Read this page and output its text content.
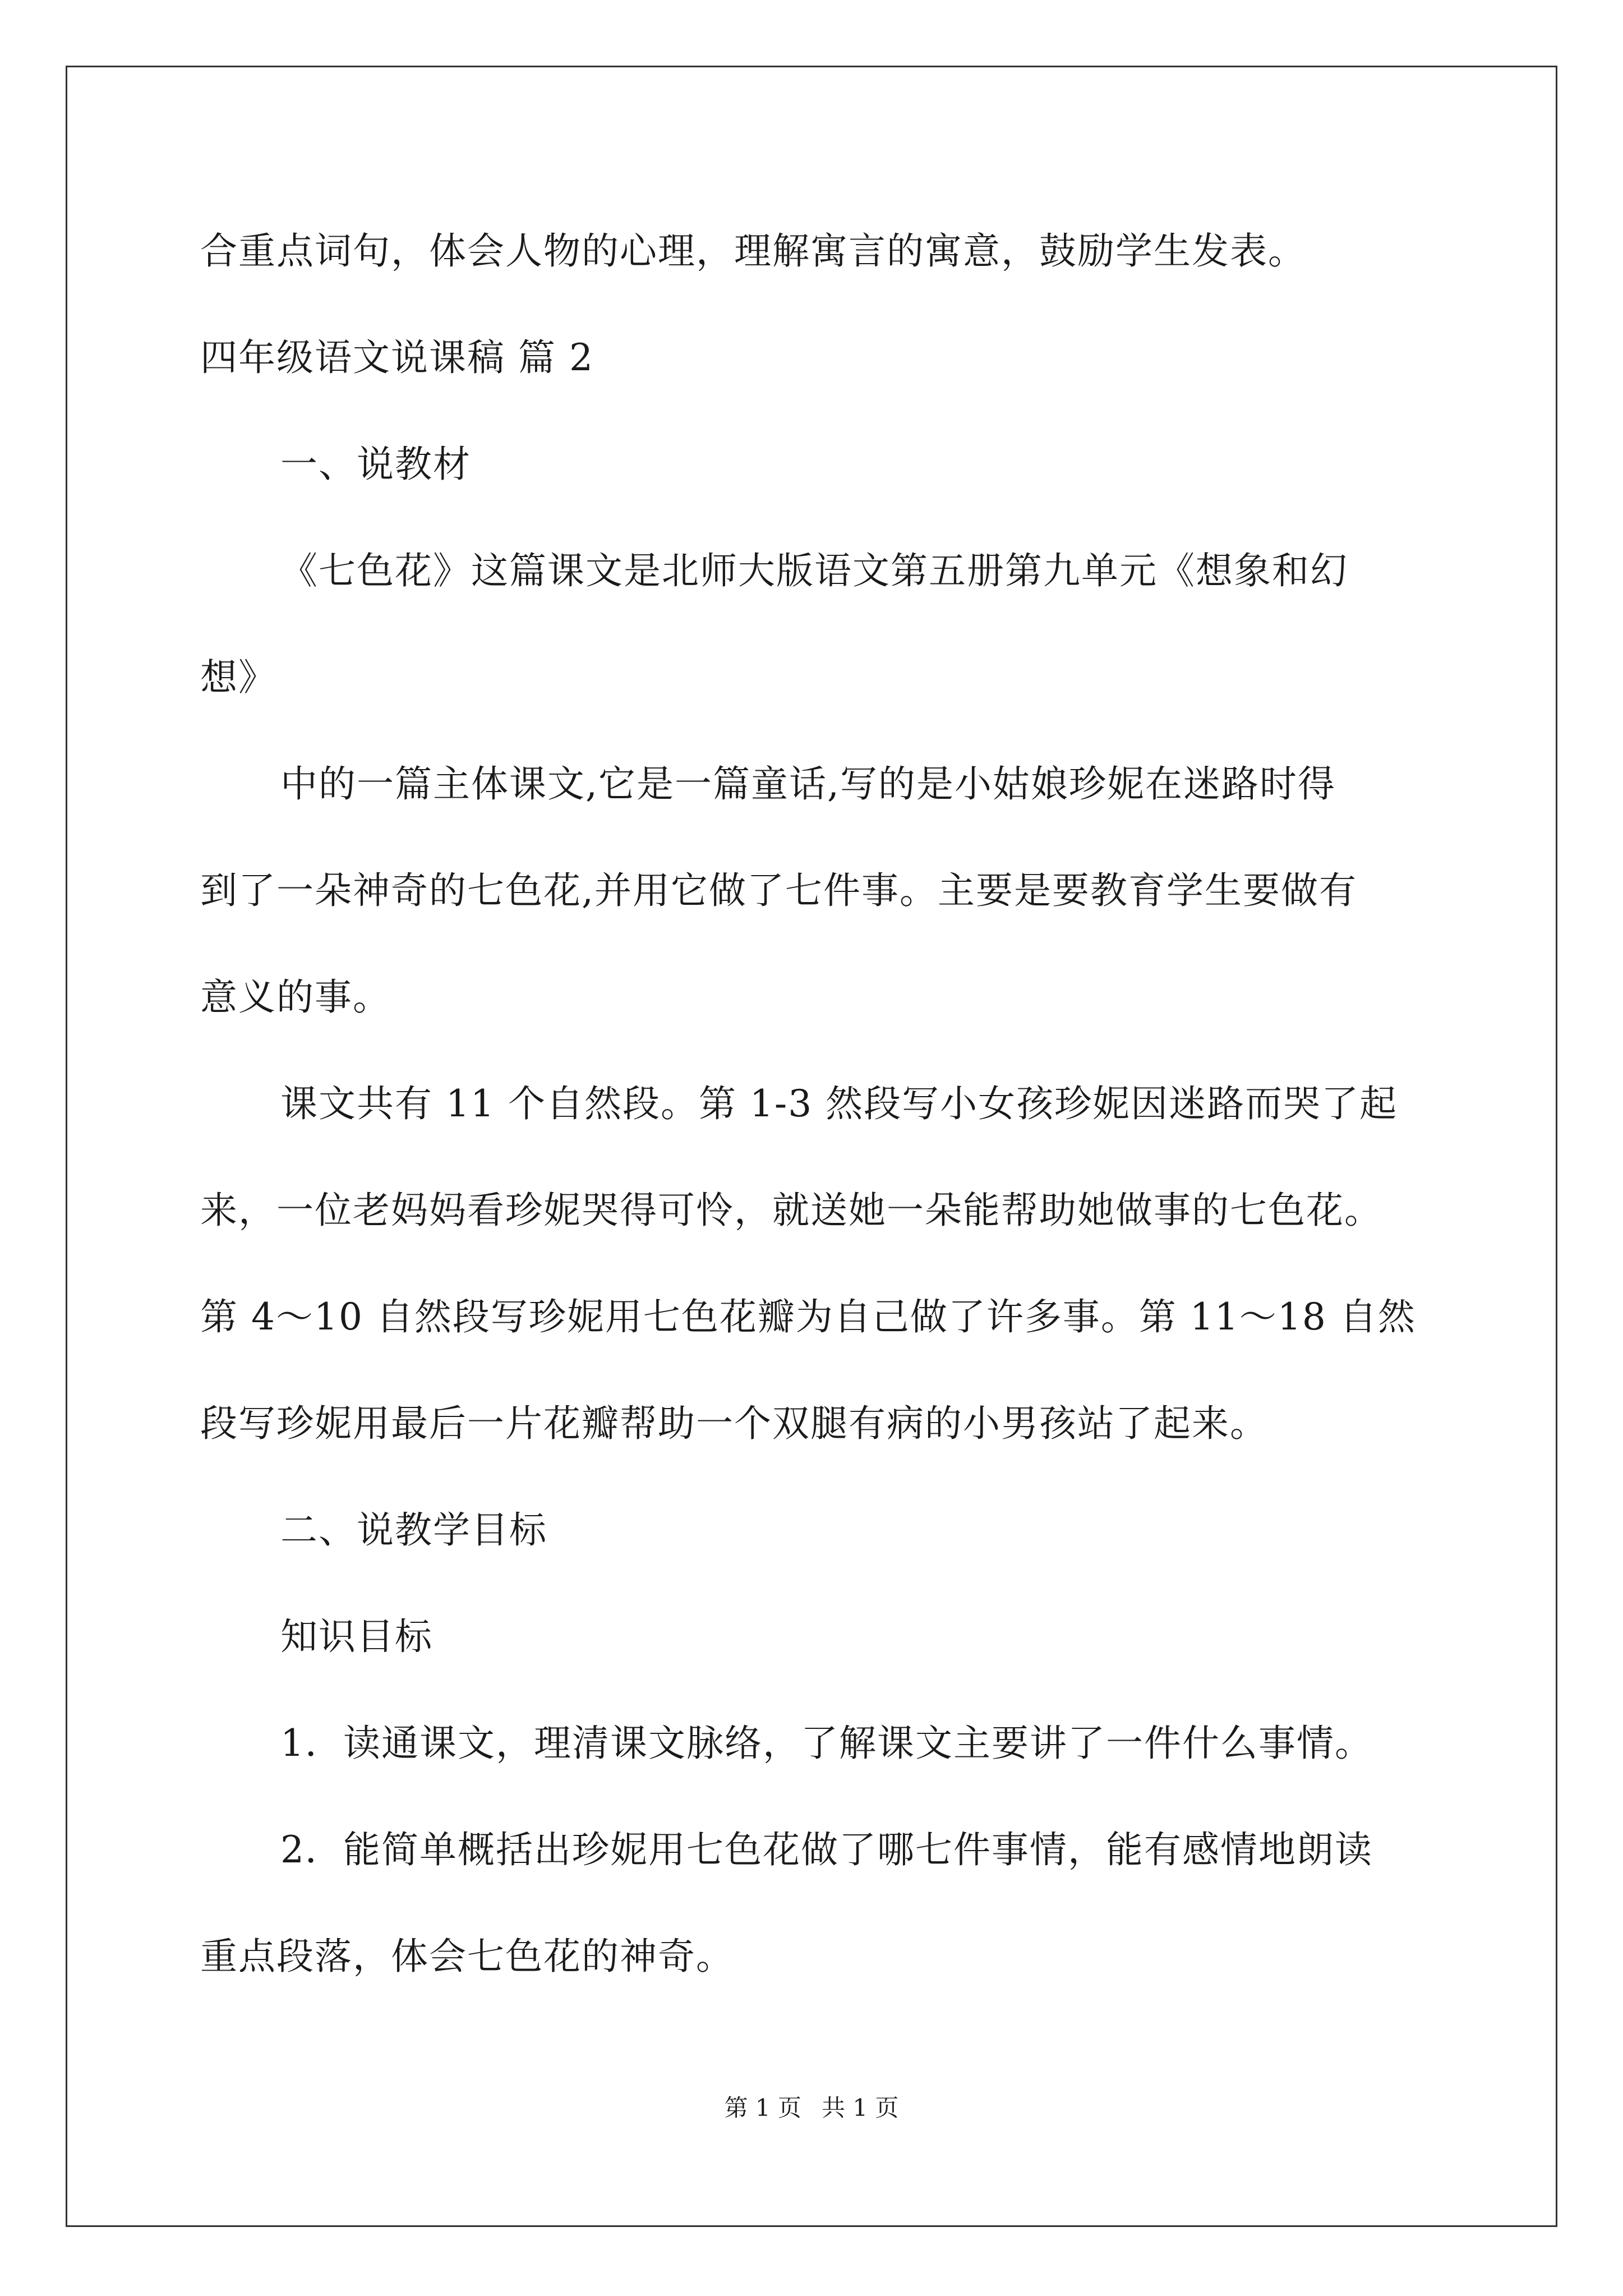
合重点词句，体会人物的心理，理解寓言的寓意，鼓励学生发表。
四年级语文说课稿 篇 2
一、说教材
《七色花》这篇课文是北师大版语文第五册第九单元《想象和幻
想》
中的一篇主体课文,它是一篇童话,写的是小姑娘珍妮在迷路时得
到了一朵神奇的七色花,并用它做了七件事。主要是要教育学生要做有
意义的事。
课文共有 11 个自然段。第 1-3 然段写小女孩珍妮因迷路而哭了起
来，一位老妈妈看珍妮哭得可怜，就送她一朵能帮助她做事的七色花。
第 4～10 自然段写珍妮用七色花瓣为自己做了许多事。第 11～18 自然
段写珍妮用最后一片花瓣帮助一个双腿有病的小男孩站了起来。
二、说教学目标
知识目标
1．读通课文，理清课文脉络，了解课文主要讲了一件什么事情。
2．能简单概括出珍妮用七色花做了哪七件事情，能有感情地朗读
重点段落，体会七色花的神奇。
第 1 页 共 1 页
